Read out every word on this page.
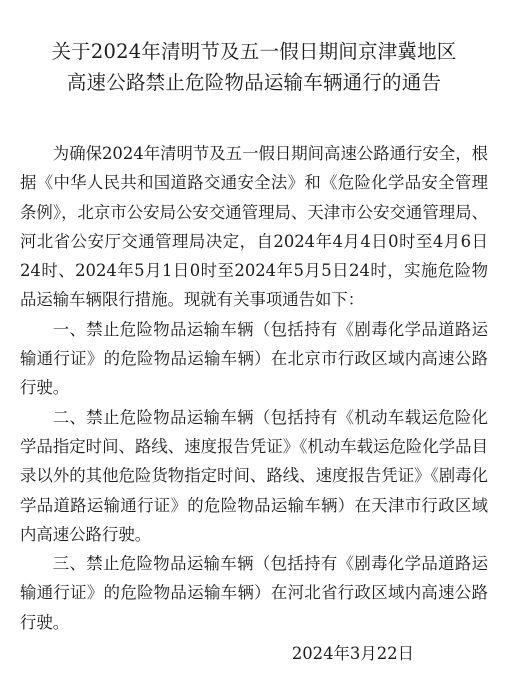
关于2024年清明节及五一假日期间京津冀地区
高速公路禁止危险物品运输车辆通行的通告

为确保2024年清明节及五一假日期间高速公路通行安全，根据《中华人民共和国道路交通安全法》和《危险化学品安全管理条例》，北京市公安局公安交通管理局、天津市公安交通管理局、河北省公安厅交通管理局决定，自2024年4月4日0时至4月6日24时、2024年5月1日0时至2024年5月5日24时，实施危险物品运输车辆限行措施。现就有关事项通告如下：

一、禁止危险物品运输车辆（包括持有《剧毒化学品道路运输通行证》的危险物品运输车辆）在北京市行政区域内高速公路行驶。

二、禁止危险物品运输车辆（包括持有《机动车载运危险化学品指定时间、路线、速度报告凭证》《机动车载运危险化学品目录以外的其他危险货物指定时间、路线、速度报告凭证》《剧毒化学品道路运输通行证》的危险物品运输车辆）在天津市行政区域内高速公路行驶。

三、禁止危险物品运输车辆（包括持有《剧毒化学品道路运输通行证》的危险物品运输车辆）在河北省行政区域内高速公路行驶。

2024年3月22日
